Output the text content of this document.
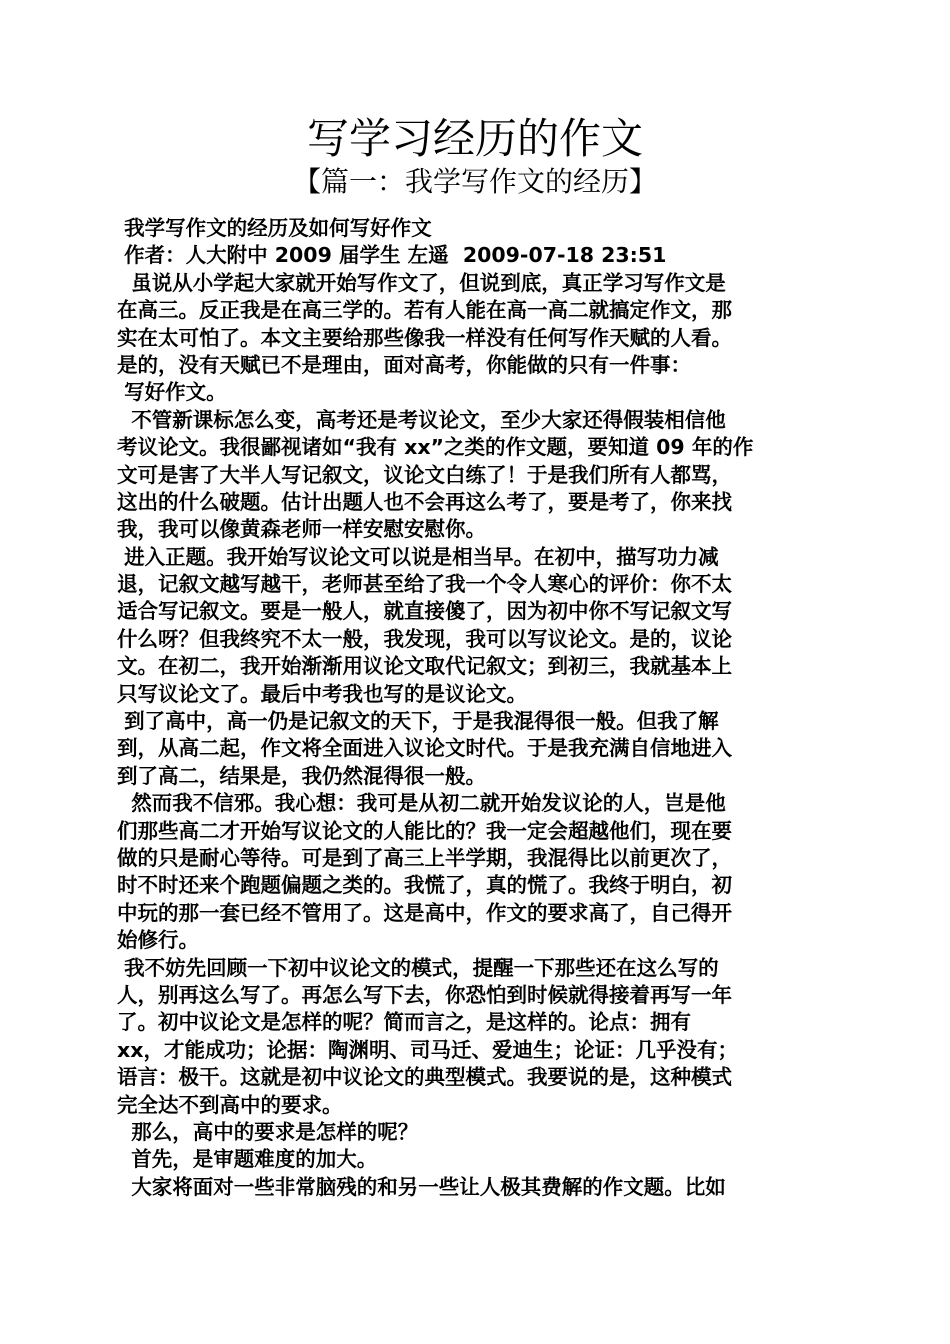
写学习经历的作文
【篇一：我学写作文的经历】
我学写作文的经历及如何写好作文
作者：人大附中 2009 届学生 左遥  2009-07-18 23:51
虽说从小学起大家就开始写作文了，但说到底，真正学习写作文是
在高三。反正我是在高三学的。若有人能在高一高二就搞定作文，那
实在太可怕了。本文主要给那些像我一样没有任何写作天赋的人看。
是的，没有天赋已不是理由，面对高考，你能做的只有一件事：
写好作文。
不管新课标怎么变，高考还是考议论文，至少大家还得假装相信他
考议论文。我很鄙视诸如“我有 xx”之类的作文题，要知道 09 年的作
文可是害了大半人写记叙文，议论文白练了！于是我们所有人都骂，
这出的什么破题。估计出题人也不会再这么考了，要是考了，你来找
我，我可以像黄森老师一样安慰安慰你。
进入正题。我开始写议论文可以说是相当早。在初中，描写功力减
退，记叙文越写越干，老师甚至给了我一个令人寒心的评价：你不太
适合写记叙文。要是一般人，就直接傻了，因为初中你不写记叙文写
什么呀？但我终究不太一般，我发现，我可以写议论文。是的，议论
文。在初二，我开始渐渐用议论文取代记叙文；到初三，我就基本上
只写议论文了。最后中考我也写的是议论文。
到了高中，高一仍是记叙文的天下，于是我混得很一般。但我了解
到，从高二起，作文将全面进入议论文时代。于是我充满自信地进入
到了高二，结果是，我仍然混得很一般。
然而我不信邪。我心想：我可是从初二就开始发议论的人，岂是他
们那些高二才开始写议论文的人能比的？我一定会超越他们，现在要
做的只是耐心等待。可是到了高三上半学期，我混得比以前更次了，
时不时还来个跑题偏题之类的。我慌了，真的慌了。我终于明白，初
中玩的那一套已经不管用了。这是高中，作文的要求高了，自己得开
始修行。
我不妨先回顾一下初中议论文的模式，提醒一下那些还在这么写的
人，别再这么写了。再怎么写下去，你恐怕到时候就得接着再写一年
了。初中议论文是怎样的呢？简而言之，是这样的。论点：拥有
xx，才能成功；论据：陶渊明、司马迁、爱迪生；论证：几乎没有；
语言：极干。这就是初中议论文的典型模式。我要说的是，这种模式
完全达不到高中的要求。
那么，高中的要求是怎样的呢？
首先，是审题难度的加大。
大家将面对一些非常脑残的和另一些让人极其费解的作文题。比如
